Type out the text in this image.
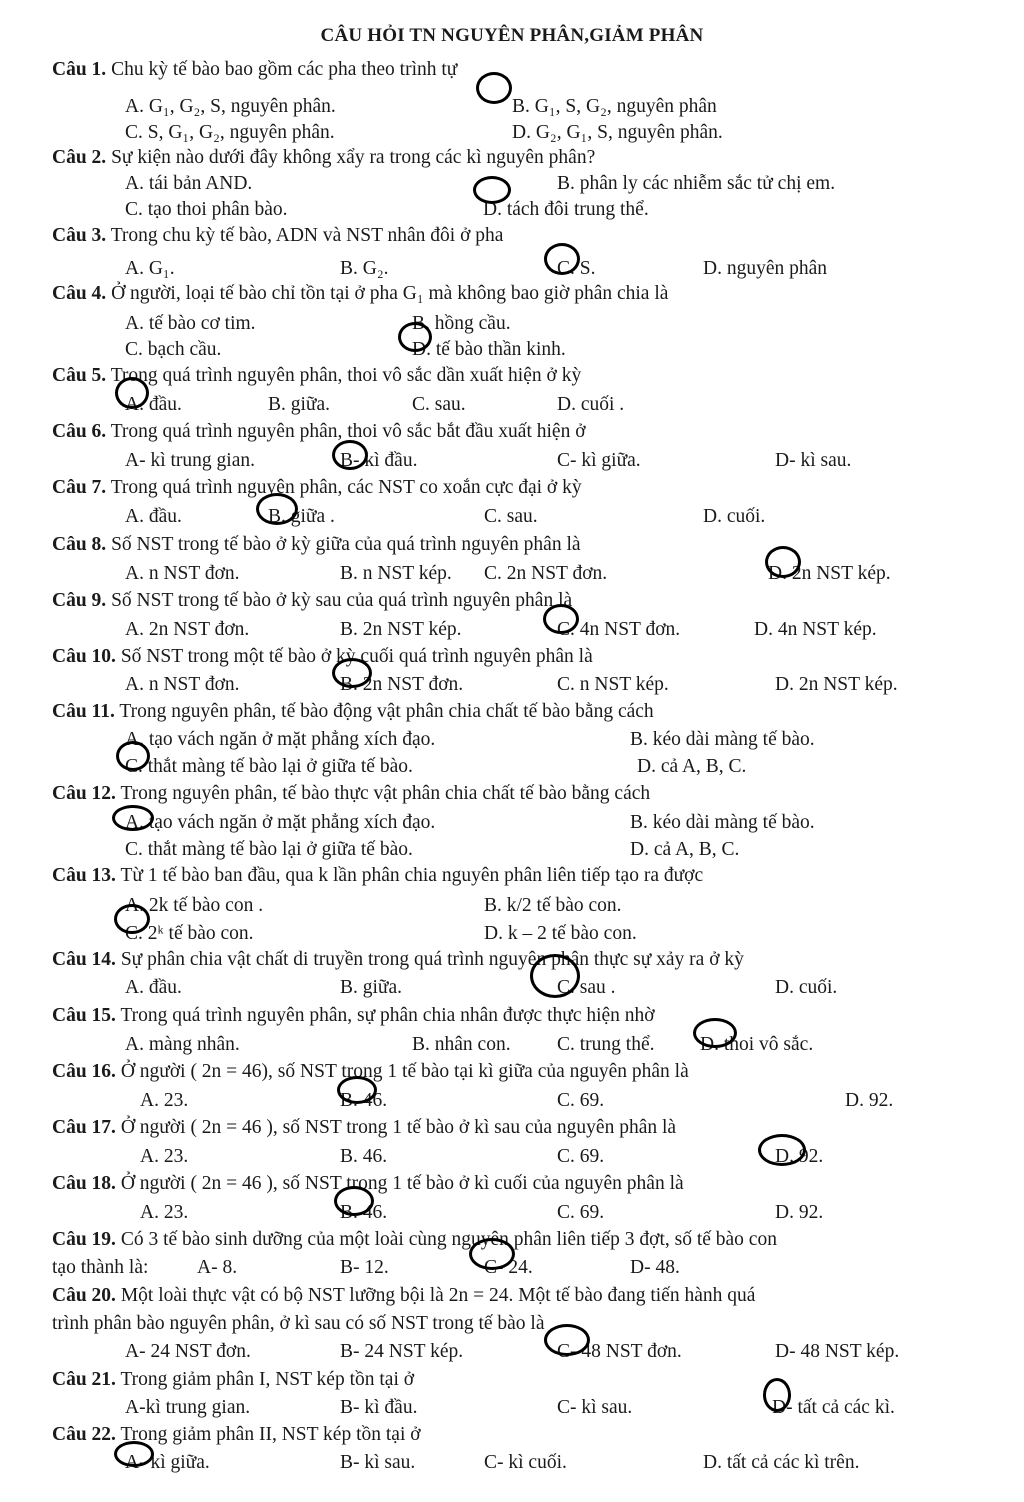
CÂU HỎI TN NGUYÊN PHÂN,GIẢM PHÂN
Câu 1. Chu kỳ tế bào bao gồm các pha theo trình tự
A. G₁, G₂, S, nguyên phân.	B. G₁, S, G₂, nguyên phân
C. S, G₁, G₂, nguyên phân.	D. G₂, G₁, S, nguyên phân.
Câu 2. Sự kiện nào dưới đây không xẩy ra trong các kì nguyên phân?
A. tái bản AND.	B. phân ly các nhiễm sắc tử chị em.
C. tạo thoi phân bào.	D. tách đôi trung thể.
Câu 3. Trong chu kỳ tế bào, ADN và NST nhân đôi ở pha
A. G₁.	B. G₂.	C. S.	D. nguyên phân
Câu 4. Ở người, loại tế bào chỉ tồn tại ở pha G₁ mà không bao giờ phân chia là
A. tế bào cơ tim.	B. hồng cầu.
C. bạch cầu.	D. tế bào thần kinh.
Câu 5. Trong quá trình nguyên phân, thoi vô sắc dần xuất hiện ở kỳ
A. đầu.	B. giữa.	C. sau.	D. cuối .
Câu 6. Trong quá trình nguyên phân, thoi vô sắc bắt đầu xuất hiện ở
A- kì trung gian.	B- kì đầu.	C- kì giữa.	D- kì sau.
Câu 7. Trong quá trình nguyên phân, các NST co xoắn cực đại ở kỳ
A. đầu.	B. giữa .	C. sau.	D. cuối.
Câu 8. Số NST trong tế bào ở kỳ giữa của quá trình nguyên phân là
A. n NST đơn.	B. n NST kép. C. 2n NST đơn.	D. 2n NST kép.
Câu 9. Số NST trong tế bào ở kỳ sau của quá trình nguyên phân là
A. 2n NST đơn.	B. 2n NST kép.	C. 4n NST đơn.	D. 4n NST kép.
Câu 10. Số NST trong một tế bào ở kỳ cuối quá trình nguyên phân là
A. n NST đơn.	B. 2n NST đơn.	C. n NST kép.	D. 2n NST kép.
Câu 11. Trong nguyên phân, tế bào động vật phân chia chất tế bào bằng cách
A. tạo vách ngăn ở mặt phẳng xích đạo.	B. kéo dài màng tế bào.
C. thắt màng tế bào lại ở giữa tế bào.	D. cả A, B, C.
Câu 12. Trong nguyên phân, tế bào thực vật phân chia chất tế bào bằng cách
A. tạo vách ngăn ở mặt phẳng xích đạo.	B. kéo dài màng tế bào.
C. thắt màng tế bào lại ở giữa tế bào.	D. cả A, B, C.
Câu 13. Từ 1 tế bào ban đầu, qua k lần phân chia nguyên phân liên tiếp tạo ra được
A. 2k tế bào con .	B. k/2 tế bào con.
C. 2ᵏ tế bào con.	D. k – 2 tế bào con.
Câu 14. Sự phân chia vật chất di truyền trong quá trình nguyên phân thực sự xảy ra ở kỳ
A. đầu.	B. giữa.	C. sau .	D. cuối.
Câu 15. Trong quá trình nguyên phân, sự phân chia nhân được thực hiện nhờ
A. màng nhân.	B. nhân con. C. trung thể. D. thoi vô sắc.
Câu 16. Ở người ( 2n = 46), số NST trong 1 tế bào tại kì giữa của nguyên phân là
A. 23.	B. 46.	C. 69.	D. 92.
Câu 17. Ở người ( 2n = 46 ), số NST trong 1 tế bào ở kì sau của nguyên phân là
A. 23.	B. 46.	C. 69.	D. 92.
Câu 18. Ở người ( 2n = 46 ), số NST trong 1 tế bào ở kì cuối của nguyên phân là
A. 23.	B. 46.	C. 69.	D. 92.
Câu 19. Có 3 tế bào sinh dưỡng của một loài cùng nguyên phân liên tiếp 3 đợt, số tế bào con
tạo thành là: A- 8.	B- 12.	C- 24.	D- 48.
Câu 20. Một loài thực vật có bộ NST lưỡng bội là 2n = 24. Một tế bào đang tiến hành quá
trình phân bào nguyên phân, ở kì sau có số NST trong tế bào là
A- 24 NST đơn.	B- 24 NST kép.	C- 48 NST đơn.	D- 48 NST kép.
Câu 21. Trong giảm phân I, NST kép tồn tại ở
A-kì trung gian.	B- kì đầu.	C- kì sau.	D- tất cả các kì.
Câu 22. Trong giảm phân II, NST kép tồn tại ở
A- kì giữa.	B- kì sau.	C- kì cuối.	D. tất cả các kì trên.
